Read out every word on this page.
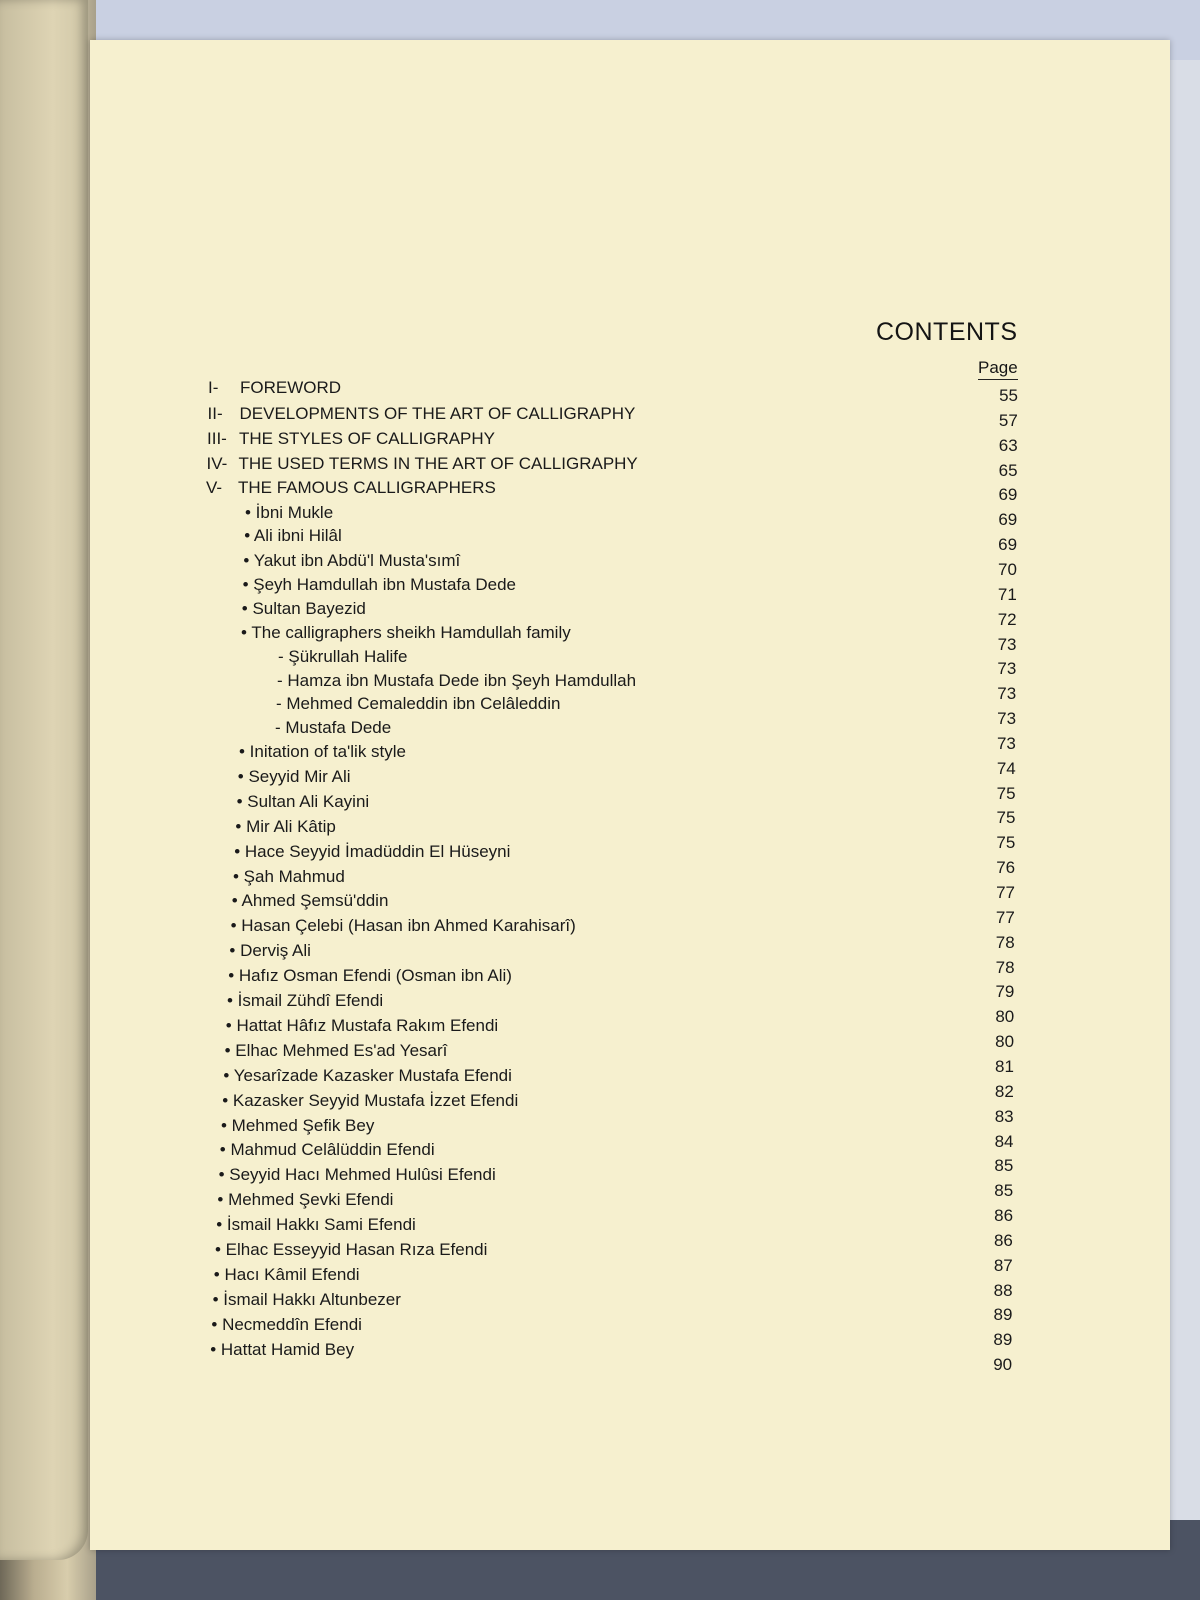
CONTENTS
Page
I- FOREWORD
II- DEVELOPMENTS OF THE ART OF CALLIGRAPHY
III- THE STYLES OF CALLIGRAPHY
IV- THE USED TERMS IN THE ART OF CALLIGRAPHY
V- THE FAMOUS CALLIGRAPHERS
• İbni Mukle
• Ali ibni Hilâl
• Yakut ibn Abdü'l Musta'sımî
• Şeyh Hamdullah ibn Mustafa Dede
• Sultan Bayezid
• The calligraphers sheikh Hamdullah family
- Şükrullah Halife
- Hamza ibn Mustafa Dede ibn Şeyh Hamdullah
- Mehmed Cemaleddin ibn Celâleddin
- Mustafa Dede
• Initation of ta'lik style
• Seyyid Mir Ali
• Sultan Ali Kayini
• Mir Ali Kâtip
• Hace Seyyid İmadüddin El Hüseyni
• Şah Mahmud
• Ahmed Şemsü'ddin
• Hasan Çelebi (Hasan ibn Ahmed Karahisarî)
• Derviş Ali
• Hafız Osman Efendi (Osman ibn Ali)
• İsmail Zühdî Efendi
• Hattat Hâfız Mustafa Rakım Efendi
• Elhac Mehmed Es'ad Yesarî
• Yesarîzade Kazasker Mustafa Efendi
• Kazasker Seyyid Mustafa İzzet Efendi
• Mehmed Şefik Bey
• Mahmud Celâlüddin Efendi
• Seyyid Hacı Mehmed Hulûsi Efendi
• Mehmed Şevki Efendi
• İsmail Hakkı Sami Efendi
• Elhac Esseyyid Hasan Rıza Efendi
• Hacı Kâmil Efendi
• İsmail Hakkı Altunbezer
• Necmeddîn Efendi
• Hattat Hamid Bey
55
57
63
65
69
69
69
70
71
72
73
73
73
73
73
74
75
75
75
76
77
77
78
78
79
80
80
81
82
83
84
85
85
86
86
87
88
89
89
90
